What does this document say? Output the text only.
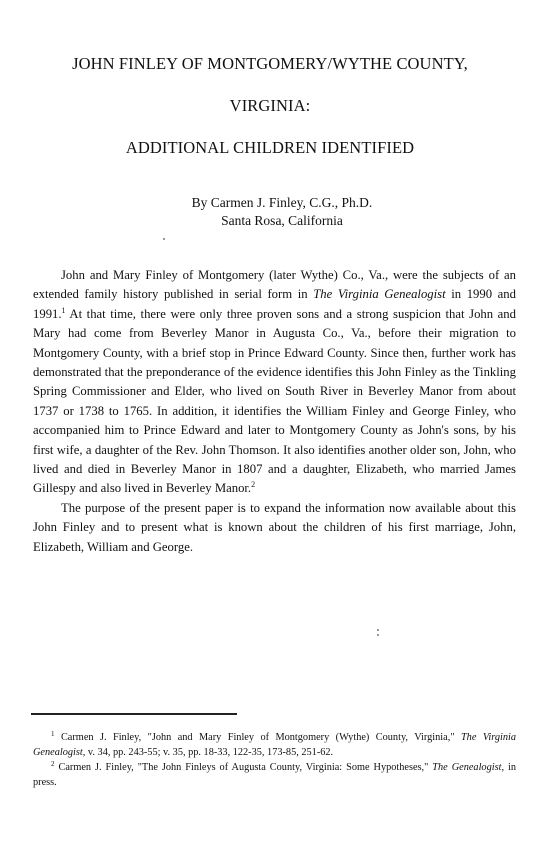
JOHN FINLEY OF MONTGOMERY/WYTHE COUNTY,
VIRGINIA:
ADDITIONAL CHILDREN IDENTIFIED
By Carmen J. Finley, C.G., Ph.D.
Santa Rosa, California

John and Mary Finley of Montgomery (later Wythe) Co., Va., were the subjects of an extended family history published in serial form in The Virginia Genealogist in 1990 and 1991.$^1$ At that time, there were only three proven sons and a strong suspicion that John and Mary had come from Beverley Manor in Augusta Co., Va., before their migration to Montgomery County, with a brief stop in Prince Edward County. Since then, further work has demonstrated that the preponderance of the evidence identifies this John Finley as the Tinkling Spring Commissioner and Elder, who lived on South River in Beverley Manor from about 1737 or 1738 to 1765. In addition, it identifies the William Finley and George Finley, who accompanied him to Prince Edward and later to Montgomery County as John's sons, by his first wife, a daughter of the Rev. John Thomson. It also identifies another older son, John, who lived and died in Beverley Manor in 1807 and a daughter, Elizabeth, who married James Gillespy and also lived in Beverley Manor.$^2$

The purpose of the present paper is to expand the information now available about this John Finley and to present what is known about the children of his first marriage, John, Elizabeth, William and George.

$^1$ Carmen J. Finley, "John and Mary Finley of Montgomery (Wythe) County, Virginia," The Virginia Genealogist, v. 34, pp. 243-55; v. 35, pp. 18-33, 122-35, 173-85, 251-62.

$^2$ Carmen J. Finley, "The John Finleys of Augusta County, Virginia: Some Hypotheses," The Genealogist, in press.
